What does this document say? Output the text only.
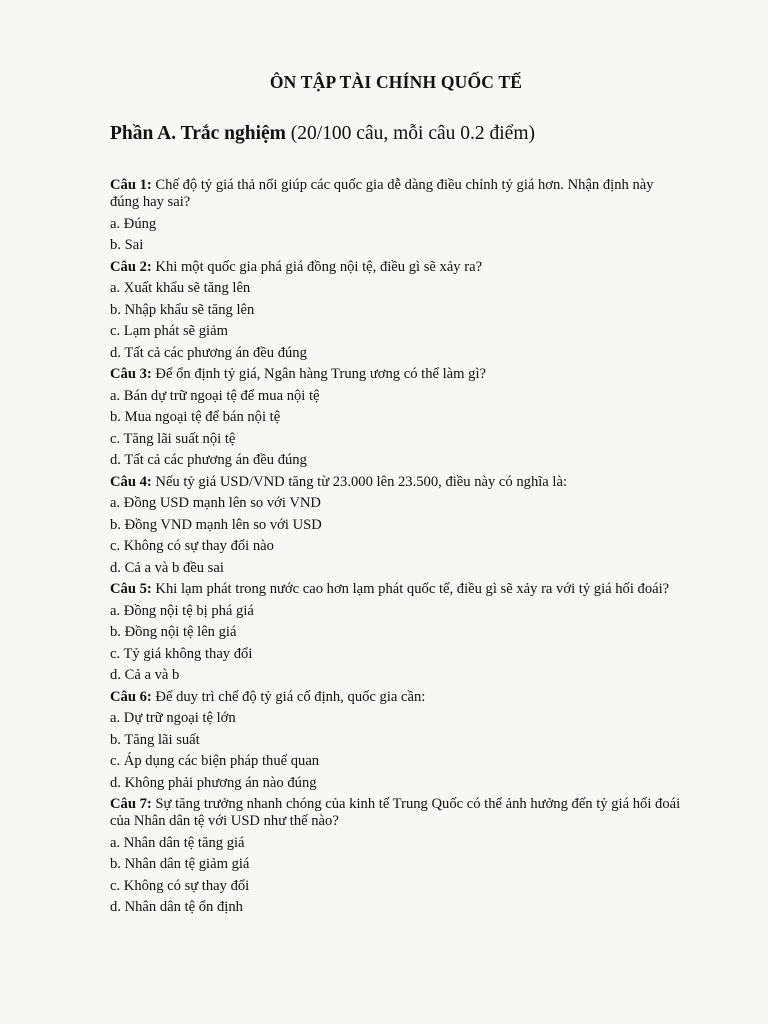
ÔN TẬP TÀI CHÍNH QUỐC TẾ
Phần A. Trắc nghiệm (20/100 câu, mỗi câu 0.2 điểm)
Câu 1: Chế độ tỷ giá thả nổi giúp các quốc gia dễ dàng điều chỉnh tỷ giá hơn. Nhận định này đúng hay sai?
a. Đúng
b. Sai
Câu 2: Khi một quốc gia phá giá đồng nội tệ, điều gì sẽ xảy ra?
a. Xuất khẩu sẽ tăng lên
b. Nhập khẩu sẽ tăng lên
c. Lạm phát sẽ giảm
d. Tất cả các phương án đều đúng
Câu 3: Để ổn định tỷ giá, Ngân hàng Trung ương có thể làm gì?
a. Bán dự trữ ngoại tệ để mua nội tệ
b. Mua ngoại tệ để bán nội tệ
c. Tăng lãi suất nội tệ
d. Tất cả các phương án đều đúng
Câu 4: Nếu tỷ giá USD/VND tăng từ 23.000 lên 23.500, điều này có nghĩa là:
a. Đồng USD mạnh lên so với VND
b. Đồng VND mạnh lên so với USD
c. Không có sự thay đổi nào
d. Cả a và b đều sai
Câu 5: Khi lạm phát trong nước cao hơn lạm phát quốc tế, điều gì sẽ xảy ra với tỷ giá hối đoái?
a. Đồng nội tệ bị phá giá
b. Đồng nội tệ lên giá
c. Tỷ giá không thay đổi
d. Cả a và b
Câu 6: Để duy trì chế độ tỷ giá cố định, quốc gia cần:
a. Dự trữ ngoại tệ lớn
b. Tăng lãi suất
c. Áp dụng các biện pháp thuế quan
d. Không phải phương án nào đúng
Câu 7: Sự tăng trưởng nhanh chóng của kinh tế Trung Quốc có thể ảnh hưởng đến tỷ giá hối đoái của Nhân dân tệ với USD như thế nào?
a. Nhân dân tệ tăng giá
b. Nhân dân tệ giảm giá
c. Không có sự thay đổi
d. Nhân dân tệ ổn định
